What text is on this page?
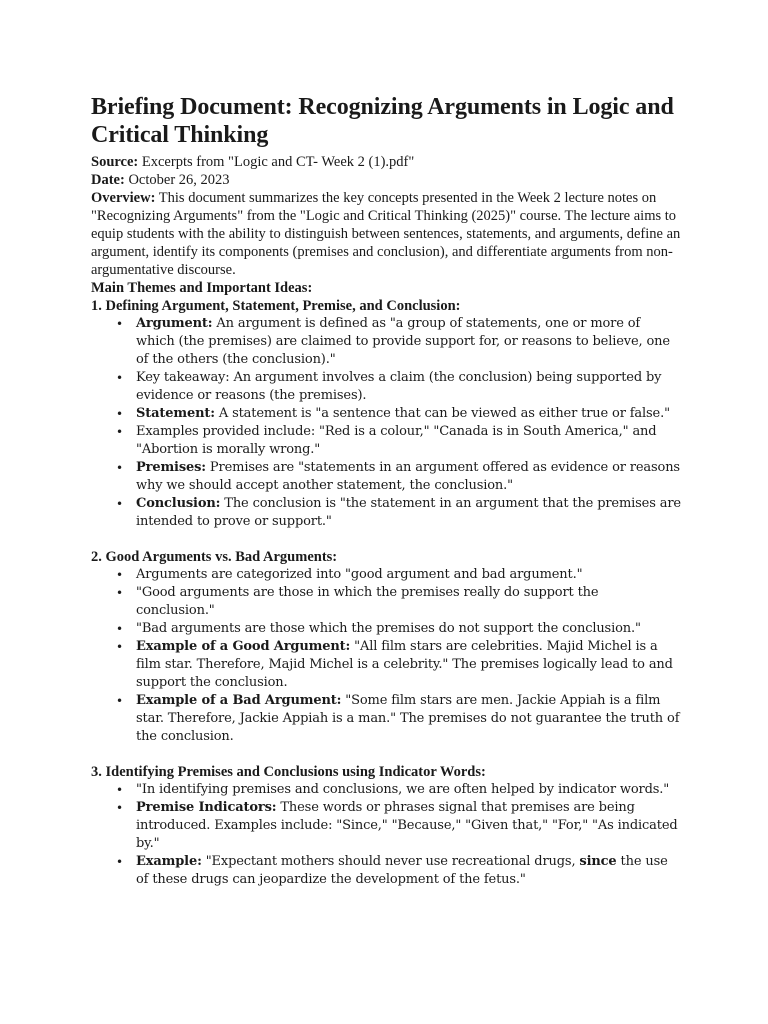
Briefing Document: Recognizing Arguments in Logic and Critical Thinking

Source: Excerpts from "Logic and CT- Week 2 (1).pdf"

Date: October 26, 2023

Overview: This document summarizes the key concepts presented in the Week 2 lecture notes on "Recognizing Arguments" from the "Logic and Critical Thinking (2025)" course. The lecture aims to equip students with the ability to distinguish between sentences, statements, and arguments, define an argument, identify its components (premises and conclusion), and differentiate arguments from non-argumentative discourse.

Main Themes and Important Ideas:

1. Defining Argument, Statement, Premise, and Conclusion:

• Argument: An argument is defined as "a group of statements, one or more of which (the premises) are claimed to provide support for, or reasons to believe, one of the others (the conclusion)."
• Key takeaway: An argument involves a claim (the conclusion) being supported by evidence or reasons (the premises).
• Statement: A statement is "a sentence that can be viewed as either true or false."
• Examples provided include: "Red is a colour," "Canada is in South America," and "Abortion is morally wrong."
• Premises: Premises are "statements in an argument offered as evidence or reasons why we should accept another statement, the conclusion."
• Conclusion: The conclusion is "the statement in an argument that the premises are intended to prove or support."

2. Good Arguments vs. Bad Arguments:

• Arguments are categorized into "good argument and bad argument."
• "Good arguments are those in which the premises really do support the conclusion."
• "Bad arguments are those which the premises do not support the conclusion."
• Example of a Good Argument: "All film stars are celebrities. Majid Michel is a film star. Therefore, Majid Michel is a celebrity." The premises logically lead to and support the conclusion.
• Example of a Bad Argument: "Some film stars are men. Jackie Appiah is a film star. Therefore, Jackie Appiah is a man." The premises do not guarantee the truth of the conclusion.

3. Identifying Premises and Conclusions using Indicator Words:

• "In identifying premises and conclusions, we are often helped by indicator words."
• Premise Indicators: These words or phrases signal that premises are being introduced. Examples include: "Since," "Because," "Given that," "For," "As indicated by."
• Example: "Expectant mothers should never use recreational drugs, since the use of these drugs can jeopardize the development of the fetus."
